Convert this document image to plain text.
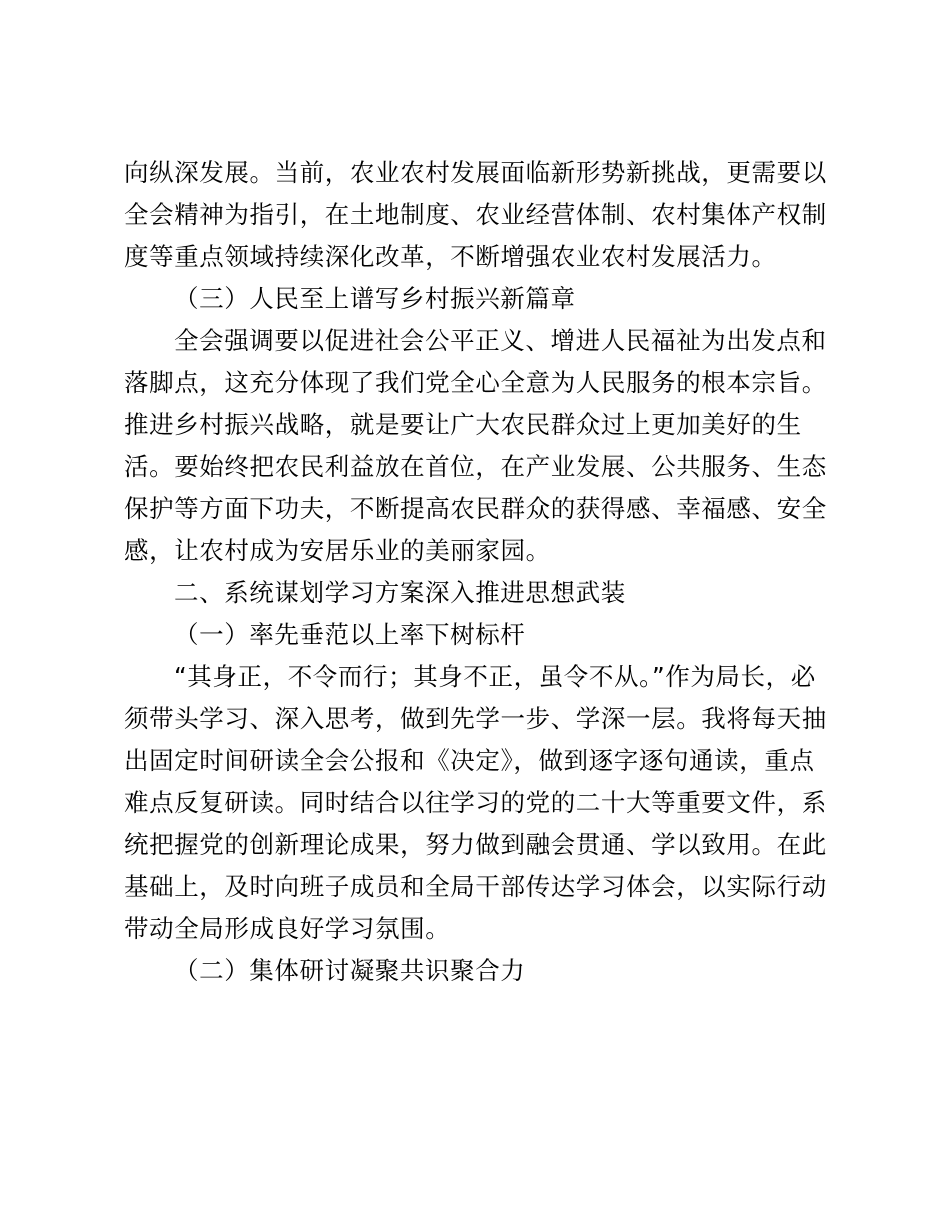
向纵深发展。当前，农业农村发展面临新形势新挑战，更需要以
全会精神为指引，在土地制度、农业经营体制、农村集体产权制
度等重点领域持续深化改革，不断增强农业农村发展活力。
（三）人民至上谱写乡村振兴新篇章
全会强调要以促进社会公平正义、增进人民福祉为出发点和
落脚点，这充分体现了我们党全心全意为人民服务的根本宗旨。
推进乡村振兴战略，就是要让广大农民群众过上更加美好的生
活。要始终把农民利益放在首位，在产业发展、公共服务、生态
保护等方面下功夫，不断提高农民群众的获得感、幸福感、安全
感，让农村成为安居乐业的美丽家园。
二、系统谋划学习方案深入推进思想武装
（一）率先垂范以上率下树标杆
“其身正，不令而行；其身不正，虽令不从。”作为局长，必
须带头学习、深入思考，做到先学一步、学深一层。我将每天抽
出固定时间研读全会公报和《决定》，做到逐字逐句通读，重点
难点反复研读。同时结合以往学习的党的二十大等重要文件，系
统把握党的创新理论成果，努力做到融会贯通、学以致用。在此
基础上，及时向班子成员和全局干部传达学习体会，以实际行动
带动全局形成良好学习氛围。
（二）集体研讨凝聚共识聚合力
